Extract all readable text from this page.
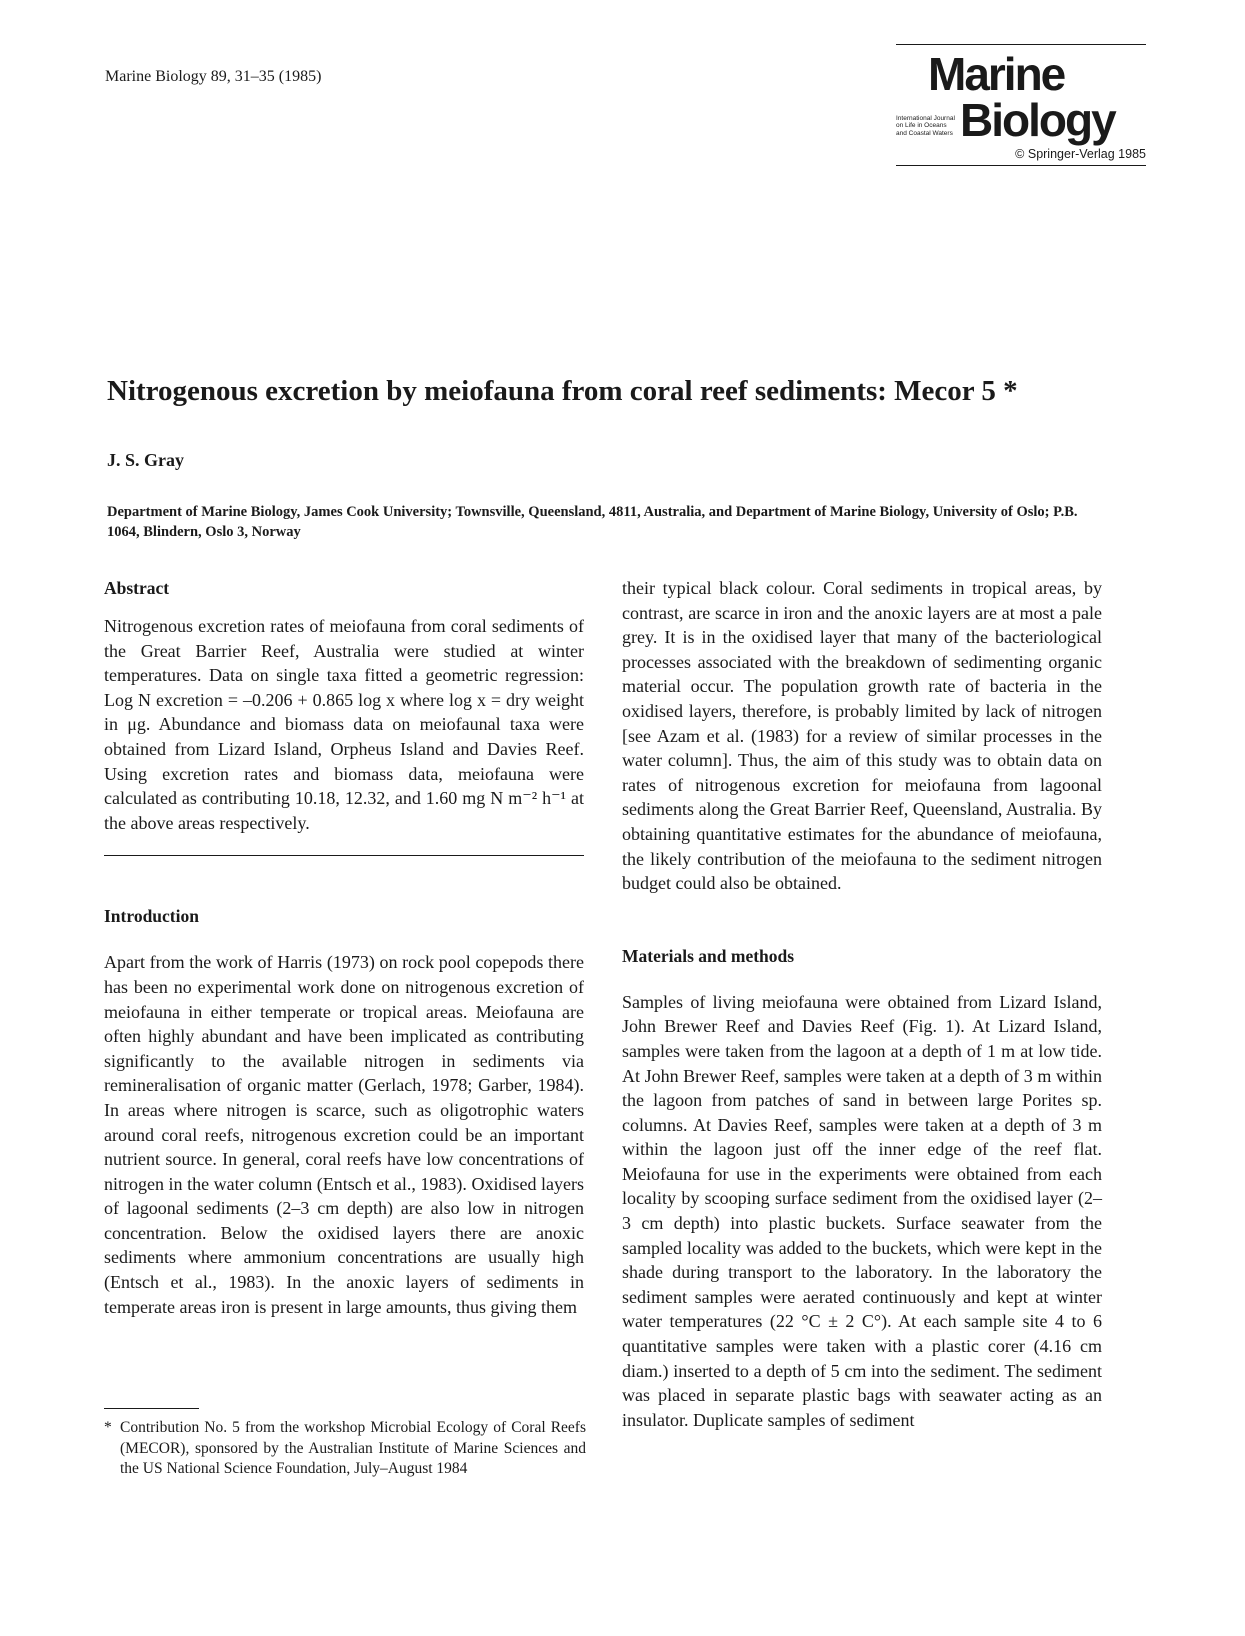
Marine Biology 89, 31–35 (1985)	Marine
International Journal
on Life in Oceans
and Coastal Waters Biology
© Springer-Verlag 1985
Nitrogenous excretion by meiofauna from coral reef sediments: Mecor 5 *
J. S. Gray
Department of Marine Biology, James Cook University; Townsville, Queensland, 4811, Australia, and Department of Marine Biology, University of Oslo; P.B. 1064, Blindern, Oslo 3, Norway
Abstract

Nitrogenous excretion rates of meiofauna from coral sediments of the Great Barrier Reef, Australia were studied at winter temperatures. Data on single taxa fitted a geometric regression: Log N excretion = –0.206 + 0.865 log x where log x = dry weight in μg. Abundance and biomass data on meiofaunal taxa were obtained from Lizard Island, Orpheus Island and Davies Reef. Using excretion rates and biomass data, meiofauna were calculated as contributing 10.18, 12.32, and 1.60 mg N m⁻² h⁻¹ at the above areas respectively.

Introduction

Apart from the work of Harris (1973) on rock pool copepods there has been no experimental work done on nitrogenous excretion of meiofauna in either temperate or tropical areas. Meiofauna are often highly abundant and have been implicated as contributing significantly to the available nitrogen in sediments via remineralisation of organic matter (Gerlach, 1978; Garber, 1984). In areas where nitrogen is scarce, such as oligotrophic waters around coral reefs, nitrogenous excretion could be an important nutrient source. In general, coral reefs have low concentrations of nitrogen in the water column (Entsch et al., 1983). Oxidised layers of lagoonal sediments (2–3 cm depth) are also low in nitrogen concentration. Below the oxidised layers there are anoxic sediments where ammonium concentrations are usually high (Entsch et al., 1983). In the anoxic layers of sediments in temperate areas iron is present in large amounts, thus giving them

their typical black colour. Coral sediments in tropical areas, by contrast, are scarce in iron and the anoxic layers are at most a pale grey. It is in the oxidised layer that many of the bacteriological processes associated with the breakdown of sedimenting organic material occur. The population growth rate of bacteria in the oxidised layers, therefore, is probably limited by lack of nitrogen [see Azam et al. (1983) for a review of similar processes in the water column]. Thus, the aim of this study was to obtain data on rates of nitrogenous excretion for meiofauna from lagoonal sediments along the Great Barrier Reef, Queensland, Australia. By obtaining quantitative estimates for the abundance of meiofauna, the likely contribution of the meiofauna to the sediment nitrogen budget could also be obtained.

Materials and methods

Samples of living meiofauna were obtained from Lizard Island, John Brewer Reef and Davies Reef (Fig. 1). At Lizard Island, samples were taken from the lagoon at a depth of 1 m at low tide. At John Brewer Reef, samples were taken at a depth of 3 m within the lagoon from patches of sand in between large Porites sp. columns. At Davies Reef, samples were taken at a depth of 3 m within the lagoon just off the inner edge of the reef flat. Meiofauna for use in the experiments were obtained from each locality by scooping surface sediment from the oxidised layer (2–3 cm depth) into plastic buckets. Surface seawater from the sampled locality was added to the buckets, which were kept in the shade during transport to the laboratory. In the laboratory the sediment samples were aerated continuously and kept at winter water temperatures (22 °C ± 2 C°). At each sample site 4 to 6 quantitative samples were taken with a plastic corer (4.16 cm diam.) inserted to a depth of 5 cm into the sediment. The sediment was placed in separate plastic bags with seawater acting as an insulator. Duplicate samples of sediment

* Contribution No. 5 from the workshop Microbial Ecology of Coral Reefs (MECOR), sponsored by the Australian Institute of Marine Sciences and the US National Science Foundation, July–August 1984
